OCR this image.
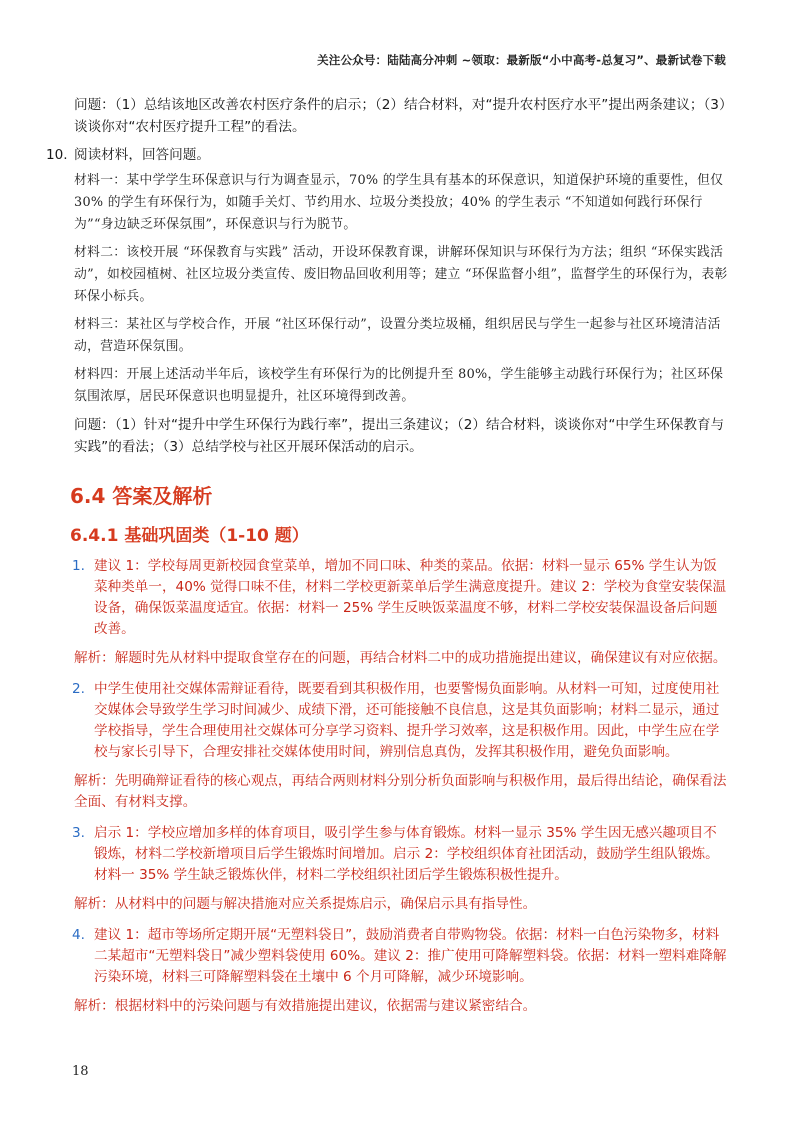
关注公众号：陆陆高分冲刺 ~领取：最新版“小中高考-总复习”、最新试卷下载

问题：（1）总结该地区改善农村医疗条件的启示；（2）结合材料，对“提升农村医疗水平”提出两条建议；（3）谈谈你对“农村医疗提升工程”的看法。

10. 阅读材料，回答问题。

材料一：某中学学生环保意识与行为调查显示，70% 的学生具有基本的环保意识，知道保护环境的重要性，但仅 30% 的学生有环保行为，如随手关灯、节约用水、垃圾分类投放；40% 的学生表示 “不知道如何践行环保行为”“身边缺乏环保氛围”，环保意识与行为脱节。

材料二：该校开展 “环保教育与实践” 活动，开设环保教育课，讲解环保知识与环保行为方法；组织 “环保实践活动”，如校园植树、社区垃圾分类宣传、废旧物品回收利用等；建立 “环保监督小组”，监督学生的环保行为，表彰环保小标兵。

材料三：某社区与学校合作，开展 “社区环保行动”，设置分类垃圾桶，组织居民与学生一起参与社区环境清洁活动，营造环保氛围。

材料四：开展上述活动半年后，该校学生有环保行为的比例提升至 80%，学生能够主动践行环保行为；社区环保氛围浓厚，居民环保意识也明显提升，社区环境得到改善。

问题：（1）针对“提升中学生环保行为践行率”，提出三条建议；（2）结合材料，谈谈你对“中学生环保教育与实践”的看法；（3）总结学校与社区开展环保活动的启示。

6.4 答案及解析
6.4.1 基础巩固类（1-10 题）
1. 建议 1：学校每周更新校园食堂菜单，增加不同口味、种类的菜品。依据：材料一显示 65% 学生认为饭菜种类单一，40% 觉得口味不佳，材料二学校更新菜单后学生满意度提升。建议 2：学校为食堂安装保温设备，确保饭菜温度适宜。依据：材料一 25% 学生反映饭菜温度不够，材料二学校安装保温设备后问题改善。

解析：解题时先从材料中提取食堂存在的问题，再结合材料二中的成功措施提出建议，确保建议有对应依据。

2. 中学生使用社交媒体需辩证看待，既要看到其积极作用，也要警惕负面影响。从材料一可知，过度使用社交媒体会导致学生学习时间减少、成绩下滑，还可能接触不良信息，这是其负面影响；材料二显示，通过学校指导，学生合理使用社交媒体可分享学习资料、提升学习效率，这是积极作用。因此，中学生应在学校与家长引导下，合理安排社交媒体使用时间，辨别信息真伪，发挥其积极作用，避免负面影响。

解析：先明确辩证看待的核心观点，再结合两则材料分别分析负面影响与积极作用，最后得出结论，确保看法全面、有材料支撑。

3. 启示 1：学校应增加多样的体育项目，吸引学生参与体育锻炼。材料一显示 35% 学生因无感兴趣项目不锻炼，材料二学校新增项目后学生锻炼时间增加。启示 2：学校组织体育社团活动，鼓励学生组队锻炼。材料一 35% 学生缺乏锻炼伙伴，材料二学校组织社团后学生锻炼积极性提升。

解析：从材料中的问题与解决措施对应关系提炼启示，确保启示具有指导性。

4. 建议 1：超市等场所定期开展“无塑料袋日”，鼓励消费者自带购物袋。依据：材料一白色污染物多，材料二某超市“无塑料袋日”减少塑料袋使用 60%。建议 2：推广使用可降解塑料袋。依据：材料一塑料难降解污染环境，材料三可降解塑料袋在土壤中 6 个月可降解，减少环境影响。

解析：根据材料中的污染问题与有效措施提出建议，依据需与建议紧密结合。

18
